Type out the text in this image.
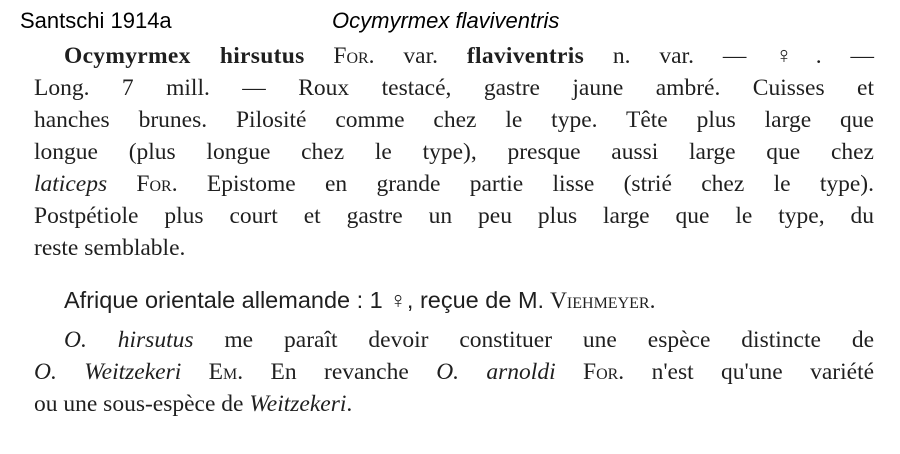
Santschi 1914a	Ocymyrmex flaviventris
Ocymyrmex hirsutus For. var. flaviventris n. var. — ♀. —
Long. 7 mill. — Roux testacé, gastre jaune ambré. Cuisses et
hanches brunes. Pilosité comme chez le type. Tête plus large que
longue (plus longue chez le type), presque aussi large que chez
laticeps For. Epistome en grande partie lisse (strié chez le type).
Postpétiole plus court et gastre un peu plus large que le type, du
reste semblable.
Afrique orientale allemande : 1 ♀, reçue de M. Viehmeyer.
O. hirsutus me paraît devoir constituer une espèce distincte de
O. Weitzekeri Em. En revanche O. arnoldi For. n'est qu'une variété
ou une sous-espèce de Weitzekeri.
